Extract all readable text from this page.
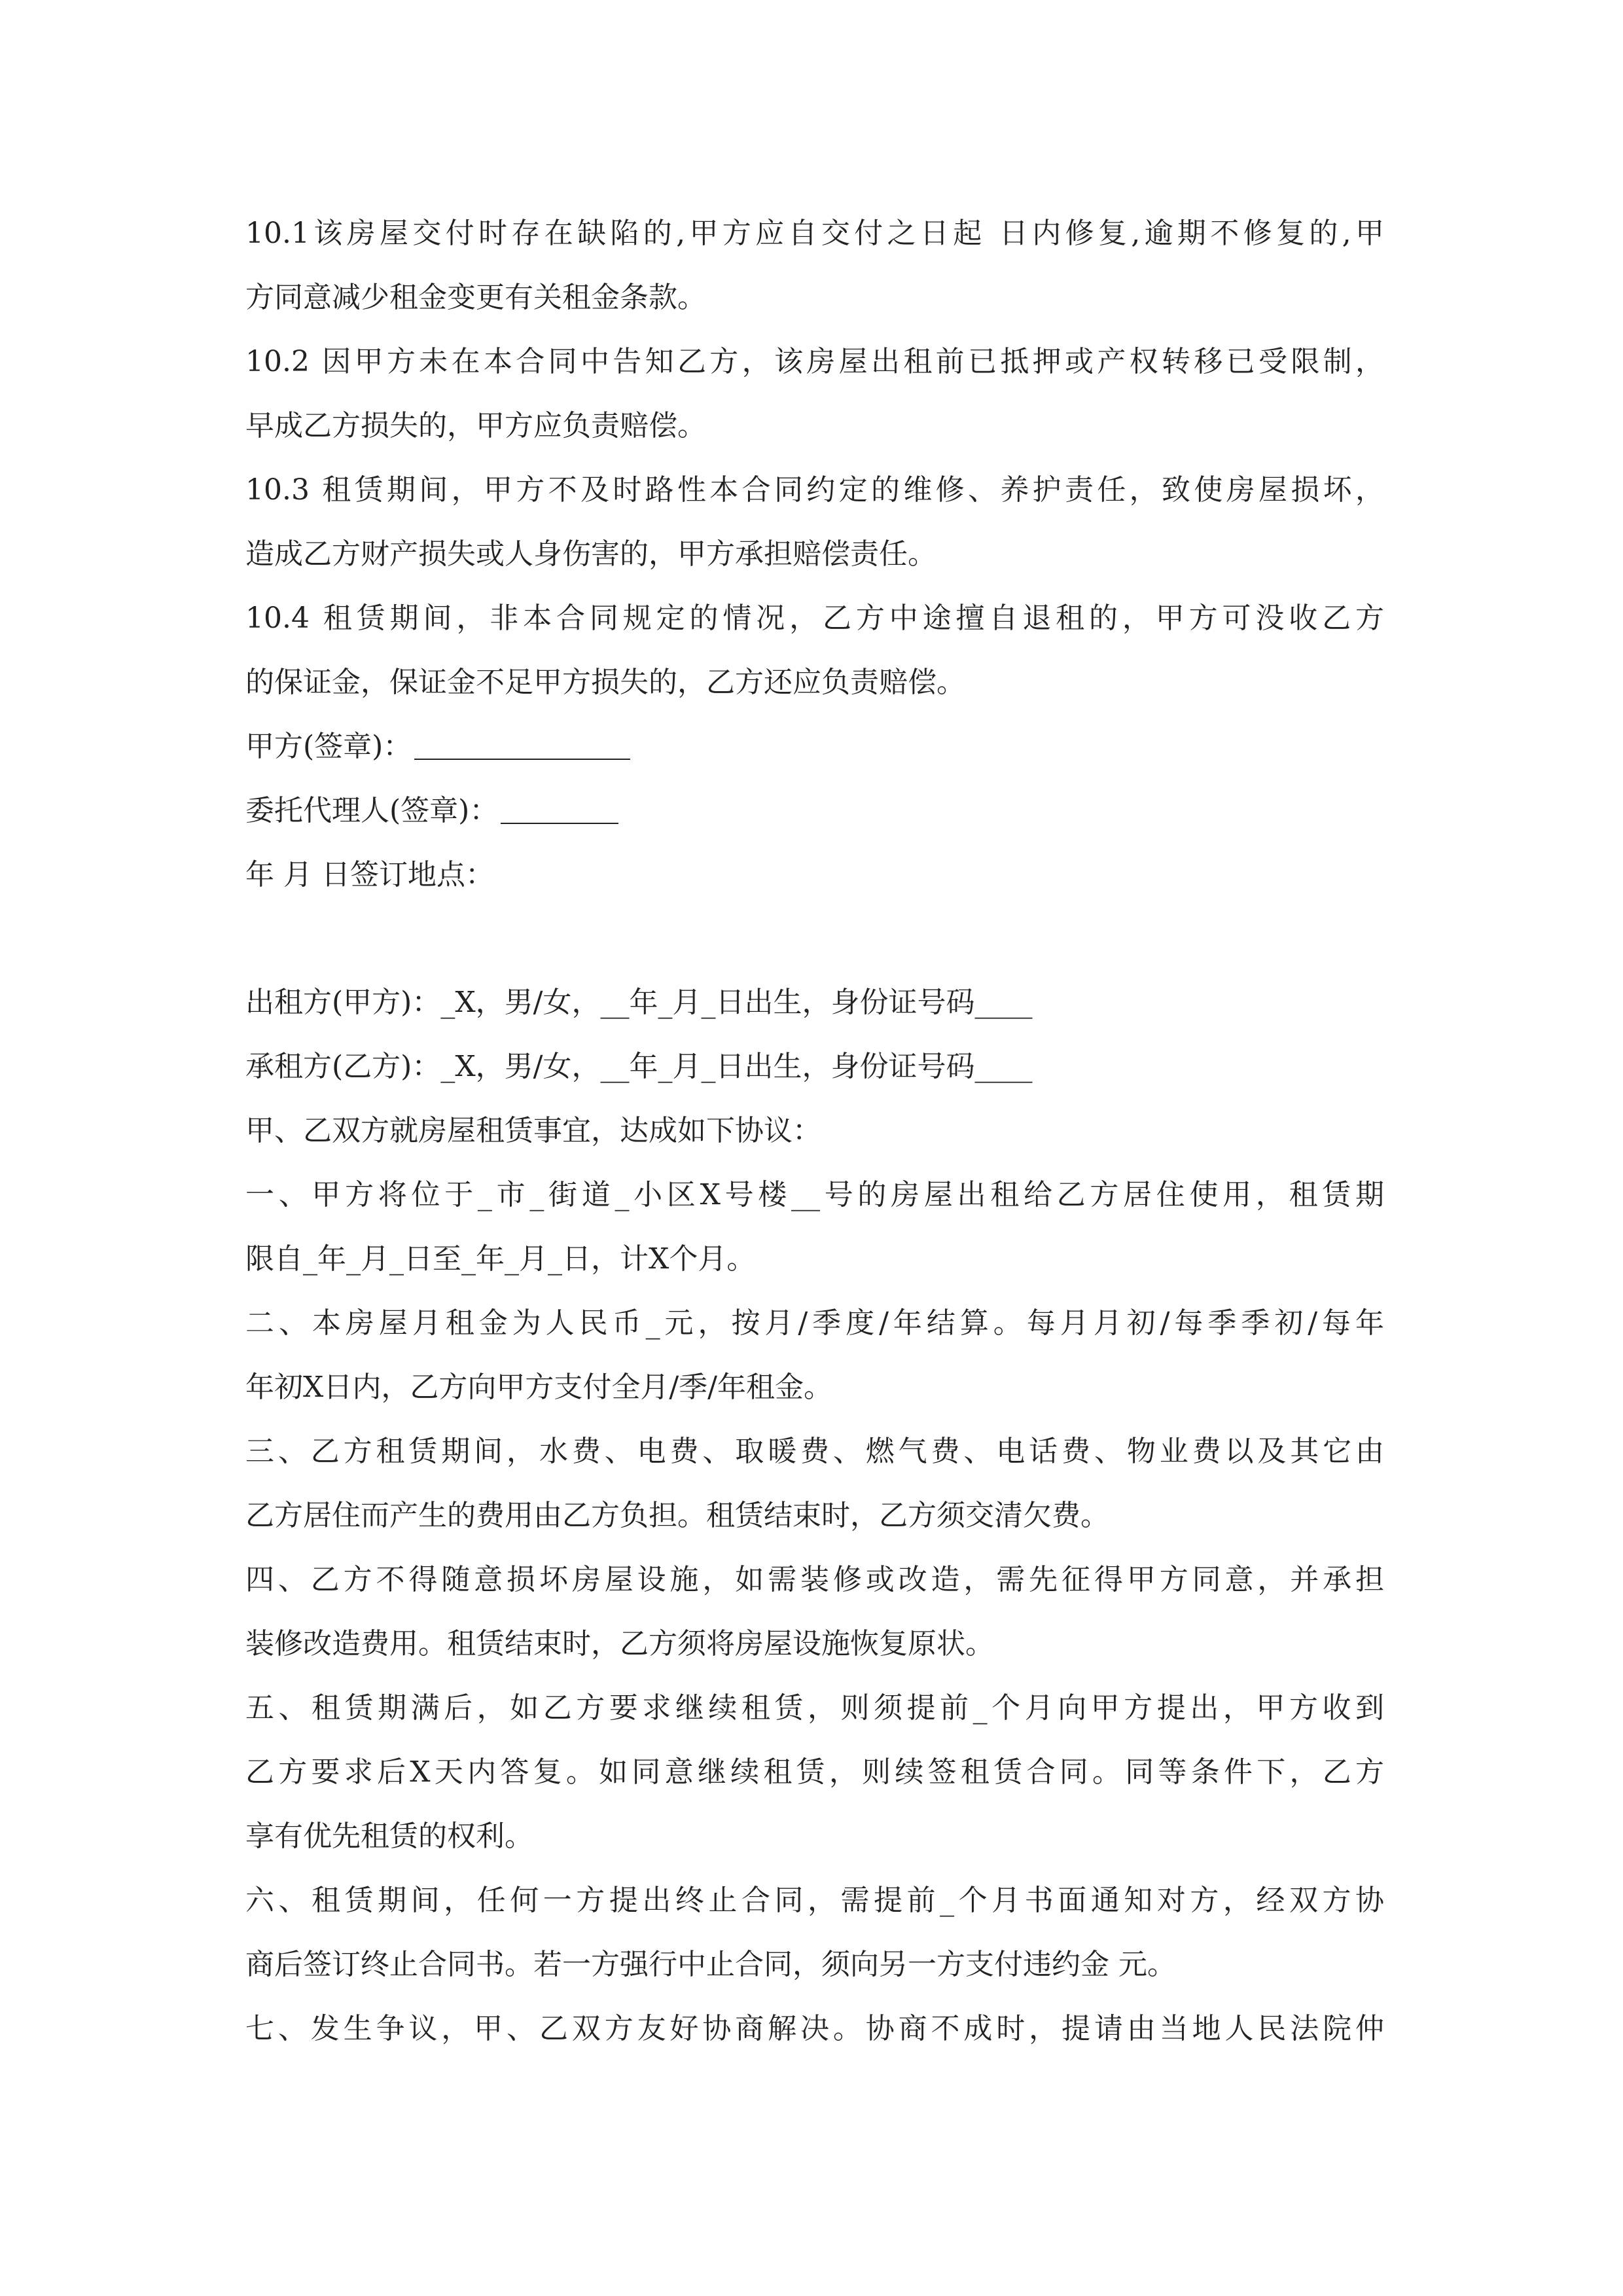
10.1该房屋交付时存在缺陷的,甲方应自交付之日起 日内修复,逾期不修复的,甲
方同意减少租金变更有关租金条款。
10.2 因甲方未在本合同中告知乙方，该房屋出租前已抵押或产权转移已受限制，
早成乙方损失的，甲方应负责赔偿。
10.3 租赁期间，甲方不及时路性本合同约定的维修、养护责任，致使房屋损坏，
造成乙方财产损失或人身伤害的，甲方承担赔偿责任。
10.4 租赁期间，非本合同规定的情况，乙方中途擅自退租的，甲方可没收乙方
的保证金，保证金不足甲方损失的，乙方还应负责赔偿。
甲方(签章)：
委托代理人(签章)：
年 月 日签订地点：
出租方(甲方)：_X，男/女，__年_月_日出生，身份证号码____
承租方(乙方)：_X，男/女，__年_月_日出生，身份证号码____
甲、乙双方就房屋租赁事宜，达成如下协议：
一、甲方将位于_市_街道_小区X号楼__号的房屋出租给乙方居住使用，租赁期
限自_年_月_日至_年_月_日，计X个月。
二、本房屋月租金为人民币_元，按月/季度/年结算。每月月初/每季季初/每年
年初X日内，乙方向甲方支付全月/季/年租金。
三、乙方租赁期间，水费、电费、取暖费、燃气费、电话费、物业费以及其它由
乙方居住而产生的费用由乙方负担。租赁结束时，乙方须交清欠费。
四、乙方不得随意损坏房屋设施，如需装修或改造，需先征得甲方同意，并承担
装修改造费用。租赁结束时，乙方须将房屋设施恢复原状。
五、租赁期满后，如乙方要求继续租赁，则须提前_个月向甲方提出，甲方收到
乙方要求后X天内答复。如同意继续租赁，则续签租赁合同。同等条件下，乙方
享有优先租赁的权利。
六、租赁期间，任何一方提出终止合同，需提前_个月书面通知对方，经双方协
商后签订终止合同书。若一方强行中止合同，须向另一方支付违约金 元。
七、发生争议，甲、乙双方友好协商解决。协商不成时，提请由当地人民法院仲
